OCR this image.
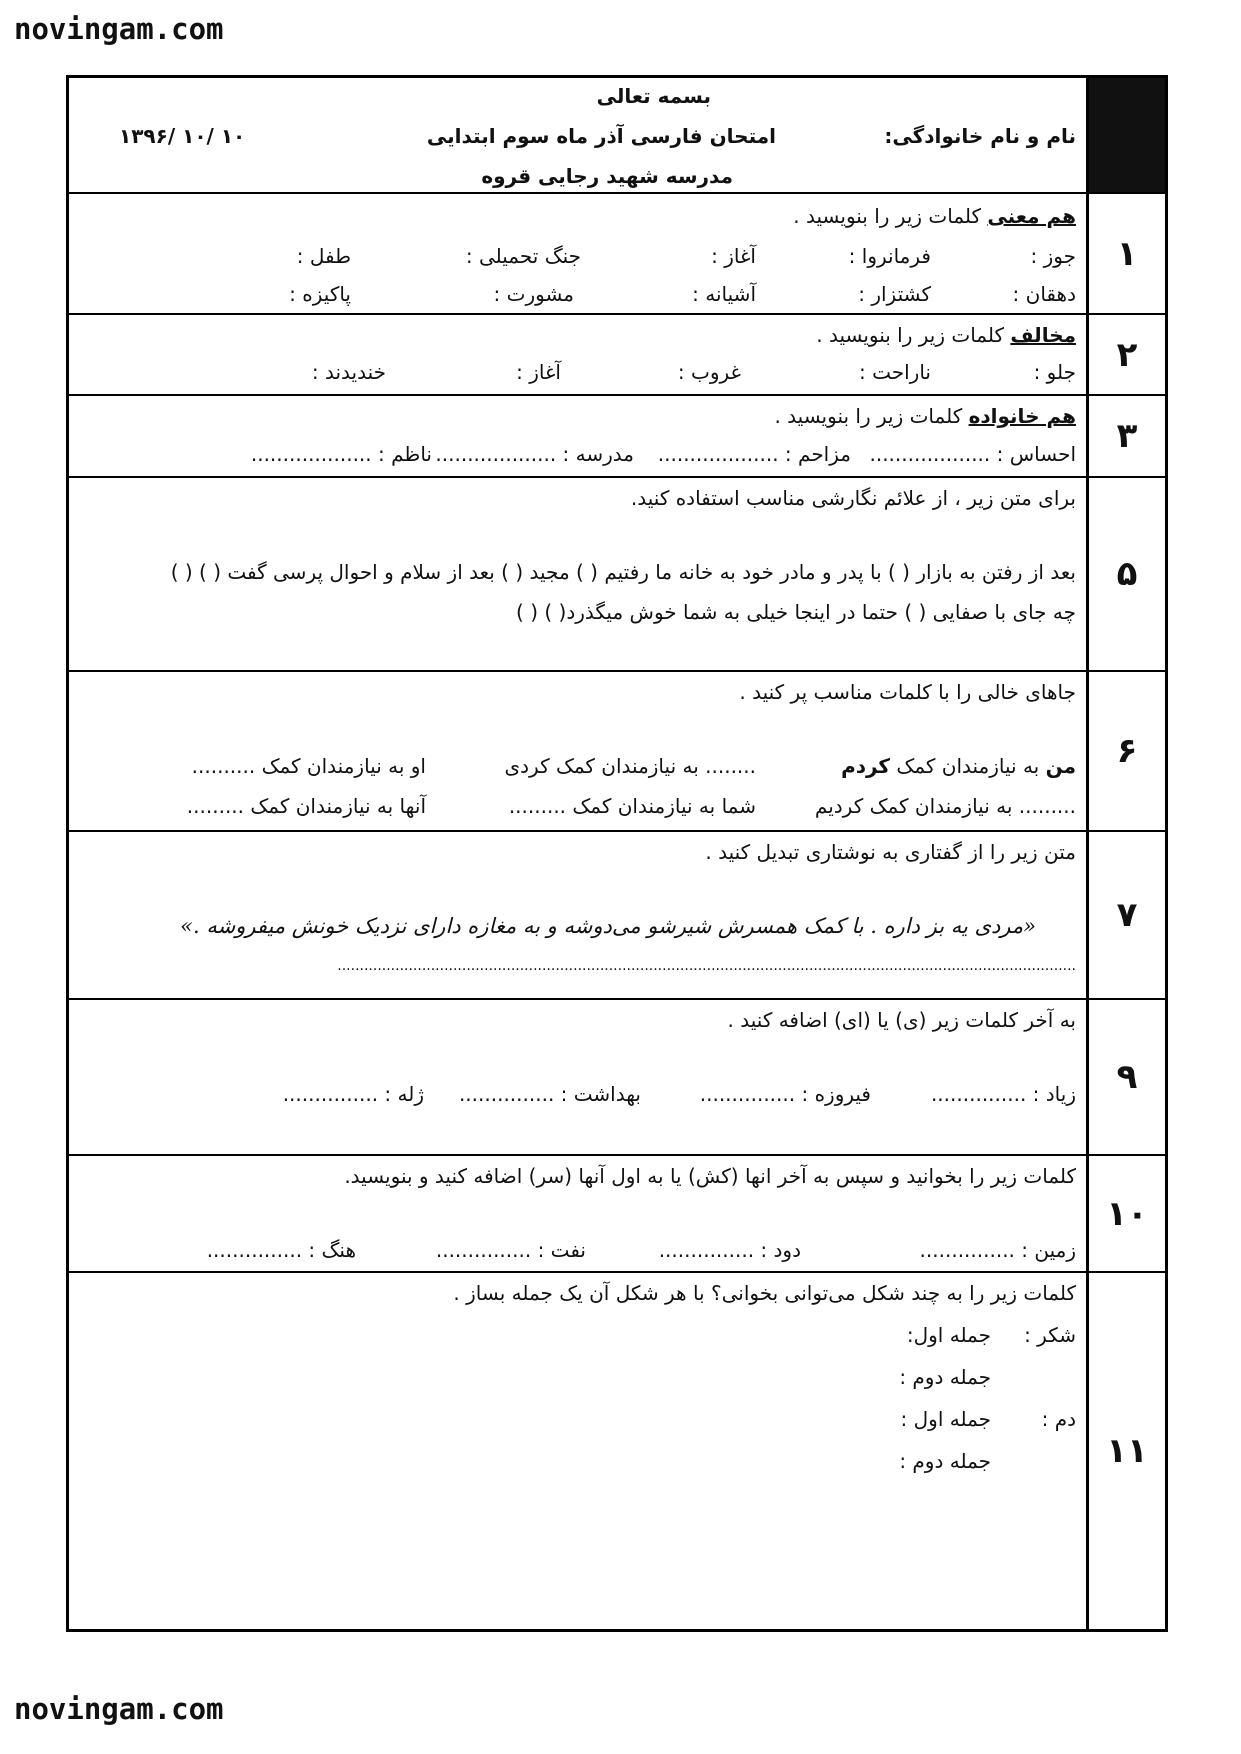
novingam.com
بسمه تعالی
امتحان فارسی آذر ماه سوم ابتدایی
مدرسه شهید رجایی قروه
نام و نام خانوادگی:
۱۰ /۱۰ /۱۳۹۶
۱
هم معنی کلمات زیر را بنویسید .
جوز :
فرمانروا :
آغاز :
جنگ تحمیلی :
طفل :
دهقان :
کشتزار :
آشیانه :
مشورت :
پاکیزه :
۲
مخالف کلمات زیر را بنویسید .
جلو :
ناراحت :
غروب :
آغاز :
خندیدند :
۳
هم خانواده کلمات زیر را بنویسید .
احساس : ...................
مزاحم : ...................
مدرسه : ...................
ناظم : ...................
۵
برای متن زیر ، از علائم نگارشی مناسب استفاده کنید.
بعد از رفتن به بازار ( ) با پدر و مادر خود به خانه ما رفتیم ( ) مجید ( ) بعد از سلام و احوال پرسی گفت ( ) ( )
چه جای با صفایی ( ) حتما در اینجا خیلی به شما خوش میگذرد( ) ( )
۶
جاهای خالی را با کلمات مناسب پر کنید .
من به نیازمندان کمک کردم
........ به نیازمندان کمک کردی
او به نیازمندان کمک ..........
......... به نیازمندان کمک کردیم
شما به نیازمندان کمک .........
آنها به نیازمندان کمک .........
۷
متن زیر را از گفتاری به نوشتاری تبدیل کنید .
«مردی یه بز داره . با کمک همسرش شیرشو می‌دوشه و به مغازه دارای نزدیک خونش میفروشه .»
......................................................................................................................................................................
۹
به آخر کلمات زیر (ی) یا (ای) اضافه کنید .
زیاد : ...............
فیروزه : ...............
بهداشت : ...............
ژله : ...............
۱۰
کلمات زیر را بخوانید و سپس به آخر انها (کش) یا به اول آنها (سر) اضافه کنید و بنویسید.
زمین : ...............
دود : ...............
نفت : ...............
هنگ : ...............
۱۱
کلمات زیر را به چند شکل می‌توانی بخوانی؟ با هر شکل آن یک جمله بساز .
شکر :
جمله اول:
جمله دوم :
دم :
جمله اول :
جمله دوم :
novingam.com
